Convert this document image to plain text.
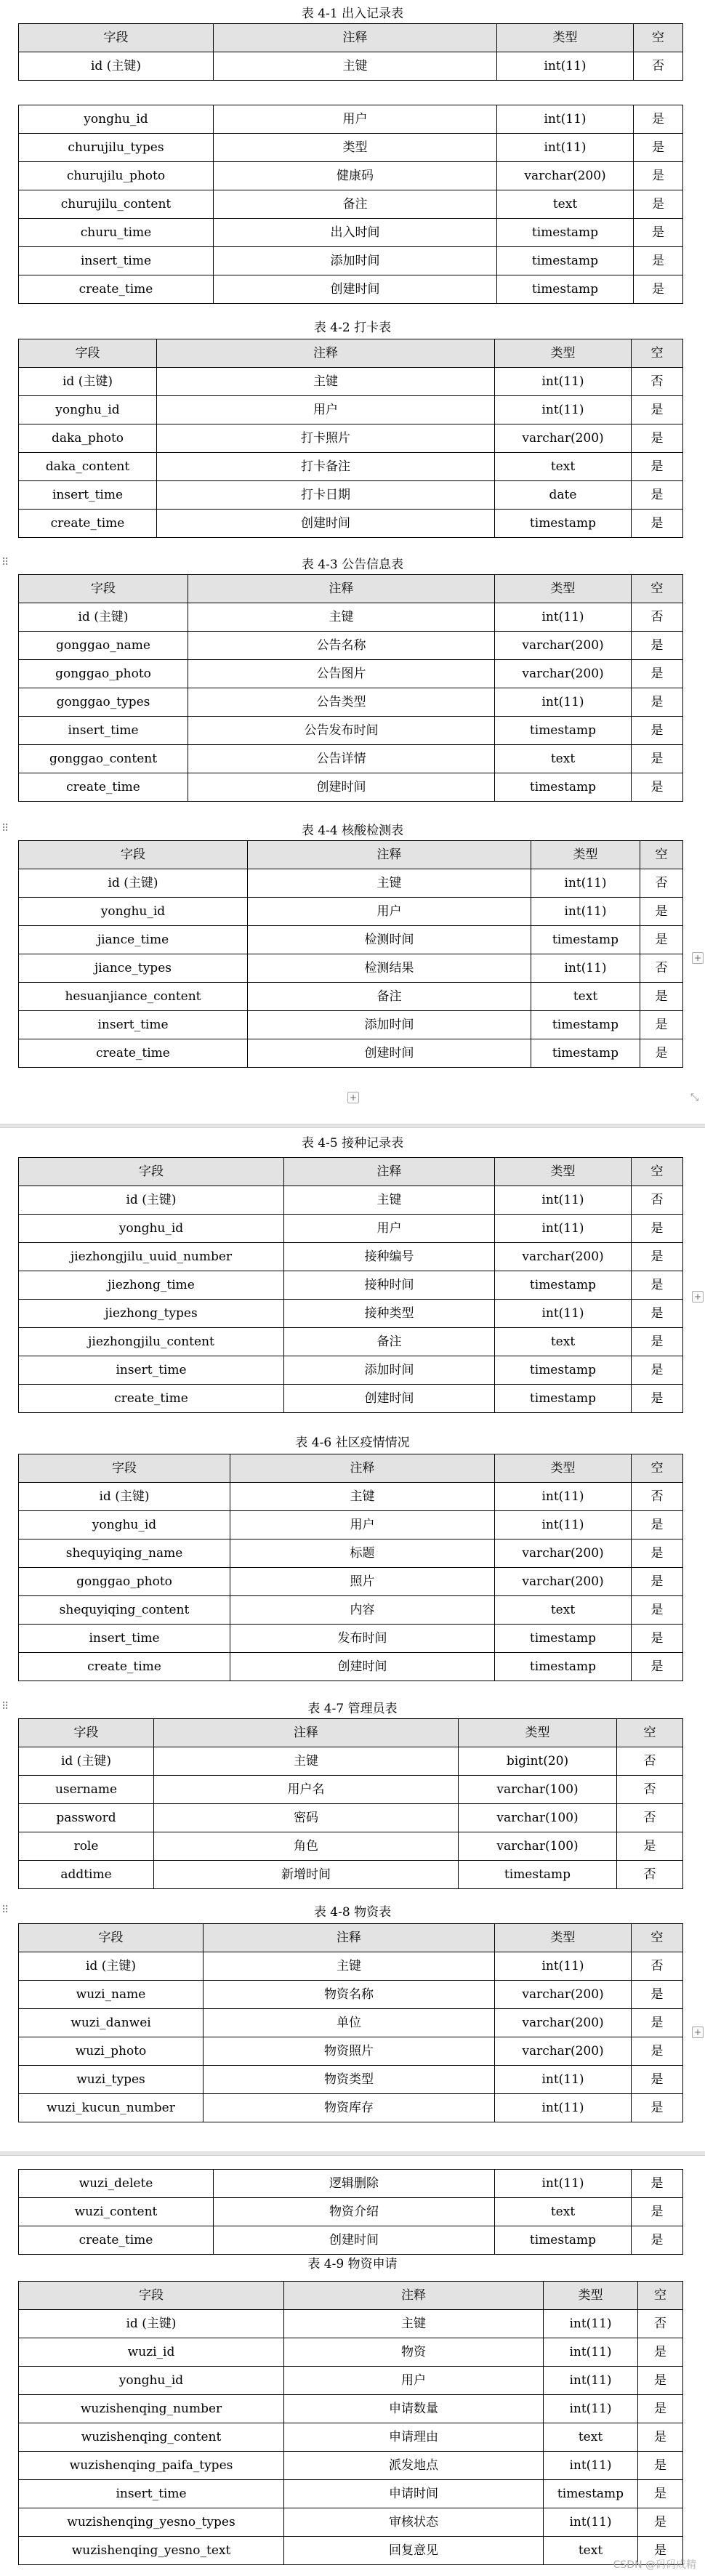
表 4-1 出入记录表
字段	注释	类型	空
id (主键)	主键	int(11)	否
yonghu_id	用户	int(11)	是
churujilu_types	类型	int(11)	是
churujilu_photo	健康码	varchar(200)	是
churujilu_content	备注	text	是
churu_time	出入时间	timestamp	是
insert_time	添加时间	timestamp	是
create_time	创建时间	timestamp	是
表 4-2 打卡表
字段	注释	类型	空
id (主键)	主键	int(11)	否
yonghu_id	用户	int(11)	是
daka_photo	打卡照片	varchar(200)	是
daka_content	打卡备注	text	是
insert_time	打卡日期	date	是
create_time	创建时间	timestamp	是
表 4-3 公告信息表
字段	注释	类型	空
id (主键)	主键	int(11)	否
gonggao_name	公告名称	varchar(200)	是
gonggao_photo	公告图片	varchar(200)	是
gonggao_types	公告类型	int(11)	是
insert_time	公告发布时间	timestamp	是
gonggao_content	公告详情	text	是
create_time	创建时间	timestamp	是
表 4-4 核酸检测表
字段	注释	类型	空
id (主键)	主键	int(11)	否
yonghu_id	用户	int(11)	是
jiance_time	检测时间	timestamp	是
jiance_types	检测结果	int(11)	否
hesuanjiance_content	备注	text	是
insert_time	添加时间	timestamp	是
create_time	创建时间	timestamp	是
表 4-5 接种记录表
字段	注释	类型	空
id (主键)	主键	int(11)	否
yonghu_id	用户	int(11)	是
jiezhongjilu_uuid_number	接种编号	varchar(200)	是
jiezhong_time	接种时间	timestamp	是
jiezhong_types	接种类型	int(11)	是
jiezhongjilu_content	备注	text	是
insert_time	添加时间	timestamp	是
create_time	创建时间	timestamp	是
表 4-6 社区疫情情况
字段	注释	类型	空
id (主键)	主键	int(11)	否
yonghu_id	用户	int(11)	是
shequyiqing_name	标题	varchar(200)	是
gonggao_photo	照片	varchar(200)	是
shequyiqing_content	内容	text	是
insert_time	发布时间	timestamp	是
create_time	创建时间	timestamp	是
表 4-7 管理员表
字段	注释	类型	空
id (主键)	主键	bigint(20)	否
username	用户名	varchar(100)	否
password	密码	varchar(100)	否
role	角色	varchar(100)	是
addtime	新增时间	timestamp	否
表 4-8 物资表
字段	注释	类型	空
id (主键)	主键	int(11)	否
wuzi_name	物资名称	varchar(200)	是
wuzi_danwei	单位	varchar(200)	是
wuzi_photo	物资照片	varchar(200)	是
wuzi_types	物资类型	int(11)	是
wuzi_kucun_number	物资库存	int(11)	是
wuzi_delete	逻辑删除	int(11)	是
wuzi_content	物资介绍	text	是
create_time	创建时间	timestamp	是
表 4-9 物资申请
字段	注释	类型	空
id (主键)	主键	int(11)	否
wuzi_id	物资	int(11)	是
yonghu_id	用户	int(11)	是
wuzishenqing_number	申请数量	int(11)	是
wuzishenqing_content	申请理由	text	是
wuzishenqing_paifa_types	派发地点	int(11)	是
insert_time	申请时间	timestamp	是
wuzishenqing_yesno_types	审核状态	int(11)	是
wuzishenqing_yesno_text	回复意见	text	是
+	⤡
⠿
⠿
⠿
⠿
+
+
+
CSDN @码码成精
